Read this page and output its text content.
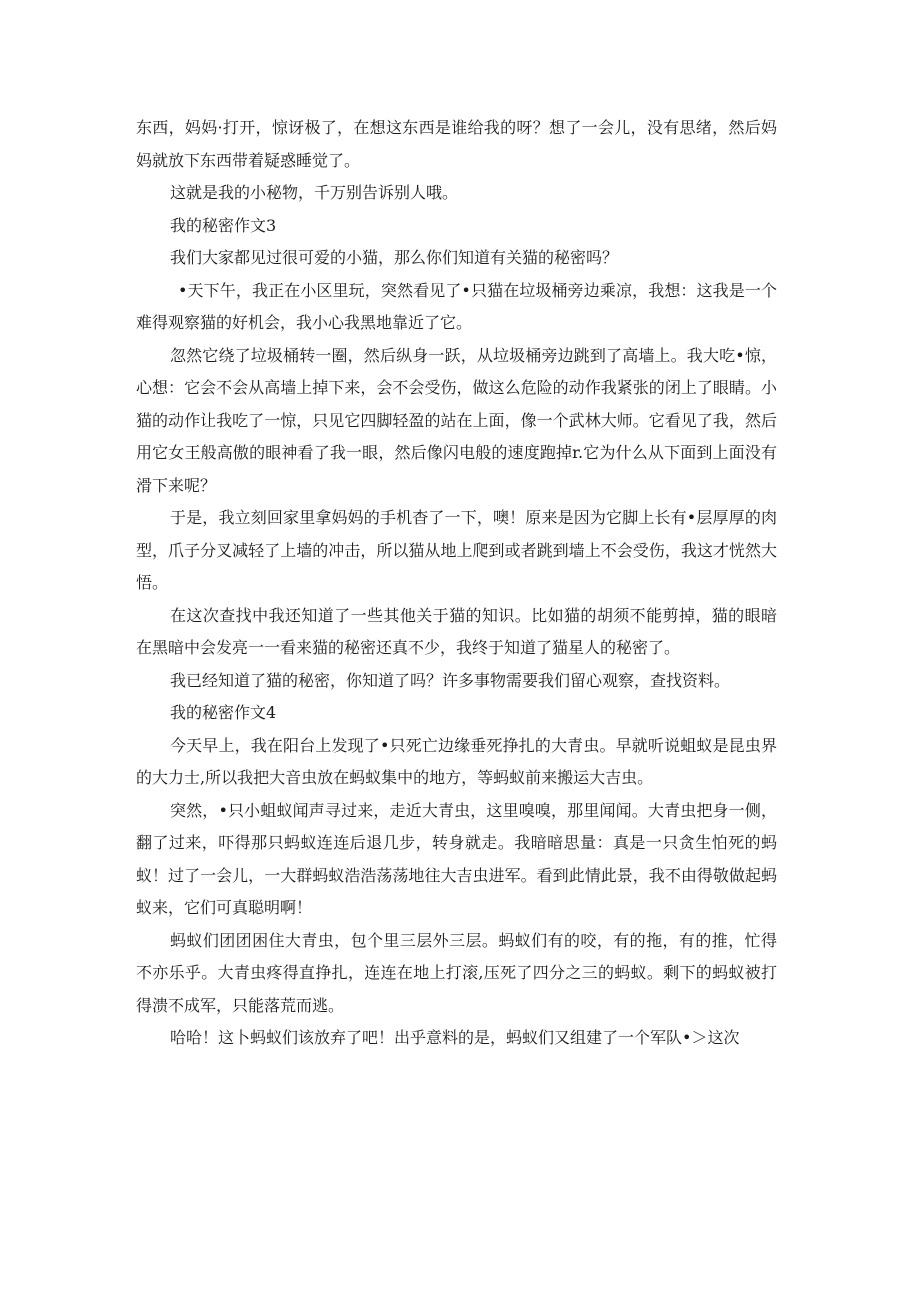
东西，妈妈·打开，惊讶极了，在想这东西是谁给我的呀？想了一会儿，没有思绪，然后妈妈就放下东西带着疑惑睡觉了。

这就是我的小秘物，千万别告诉别人哦。

我的秘密作文3

我们大家都见过很可爱的小猫，那么你们知道有关猫的秘密吗？

•天下午，我正在小区里玩，突然看见了•只猫在垃圾桶旁边乘凉，我想：这我是一个难得观察猫的好机会，我小心我黑地靠近了它。

忽然它绕了垃圾桶转一圈，然后纵身一跃，从垃圾桶旁边跳到了高墙上。我大吃•惊，心想：它会不会从高墙上掉下来，会不会受伤，做这么危险的动作我紧张的闭上了眼睛。小猫的动作让我吃了一惊，只见它四脚轻盈的站在上面，像一个武林大师。它看见了我，然后用它女王般高傲的眼神看了我一眼，然后像闪电般的速度跑掉r.它为什么从下面到上面没有滑下来呢？

于是，我立刻回家里拿妈妈的手机杳了一下，噢！原来是因为它脚上长有•层厚厚的肉型，爪子分叉减轻了上墙的冲击，所以猫从地上爬到或者跳到墙上不会受伤，我这才恍然大悟。

在这次查找中我还知道了一些其他关于猫的知识。比如猫的胡须不能剪掉，猫的眼暗在黑暗中会发亮一一看来猫的秘密还真不少，我终于知道了猫星人的秘密了。

我已经知道了猫的秘密，你知道了吗？许多事物需要我们留心观察，查找资料。

我的秘密作文4

今天早上，我在阳台上发现了•只死亡边缘垂死挣扎的大青虫。早就听说蛆蚁是昆虫界的大力士,所以我把大音虫放在蚂蚁集中的地方，等蚂蚁前来搬运大吉虫。

突然，•只小蛆蚁闻声寻过来，走近大青虫，这里嗅嗅，那里闻闻。大青虫把身一侧，翻了过来，吓得那只蚂蚁连连后退几步，转身就走。我暗暗思量：真是一只贪生怕死的蚂蚁！过了一会儿，一大群蚂蚁浩浩荡荡地往大吉虫进军。看到此情此景，我不由得敬做起蚂蚁来，它们可真聪明啊！

蚂蚁们团团困住大青虫，包个里三层外三层。蚂蚁们有的咬，有的拖，有的推，忙得不亦乐乎。大青虫疼得直挣扎，连连在地上打滚,压死了四分之三的蚂蚁。剩下的蚂蚁被打得溃不成军，只能落荒而逃。

哈哈！这卜蚂蚁们该放弃了吧！出乎意料的是，蚂蚁们又组建了一个军队•＞这次
